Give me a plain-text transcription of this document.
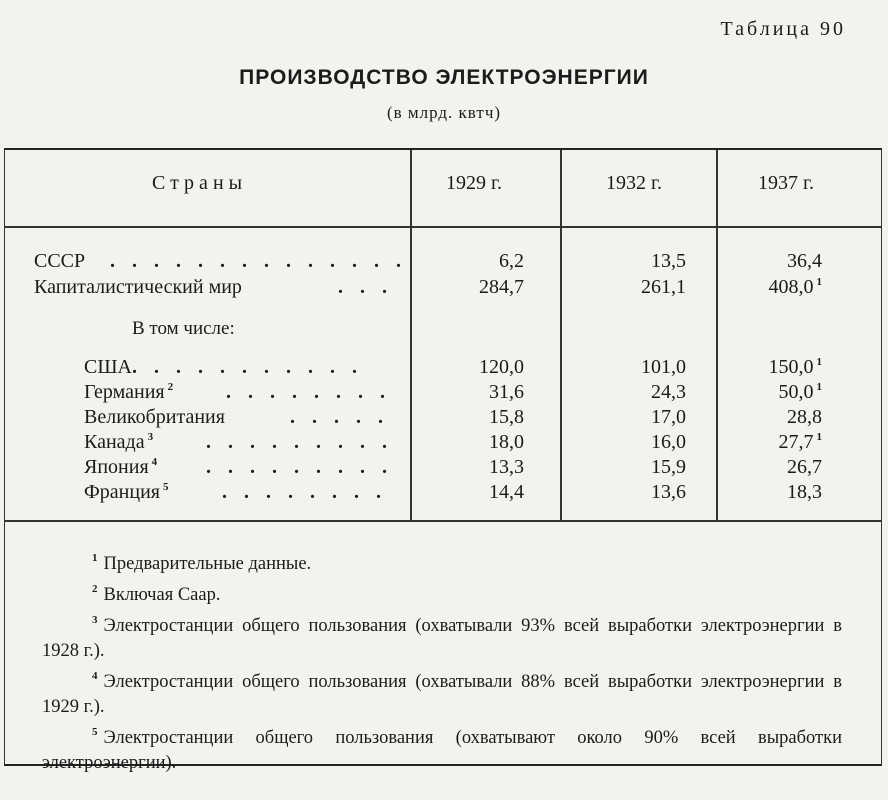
Таблица 90
ПРОИЗВОДСТВО ЭЛЕКТРОЭНЕРГИИ
(в млрд. квтч)
Страны	1929 г.	1932 г.	1937 г.
СССР . . . . . . . . . . . . . .	6,2	13,5	36,4
Капиталистический мир	. . .	284,7	261,1	408,0 $^1$
В том числе:
США . . . . . . . . . . .	120,0	101,0	150,0 $^1$
Германия $^2$	. . . . . . . .	31,6	24,3	50,0 $^1$
Великобритания	. . . . .	15,8	17,0	28,8
Канада $^3$	. . . . . . . . .	18,0	16,0	27,7 $^1$
Япония $^4$ . . . . . . . . .	13,3	15,9	26,7
Франция $^5$	. . . . . . . .	14,4	13,6	18,3
$^1$ Предварительные данные.
$^2$ Включая Саар.
$^3$ Электростанции общего пользования (охватывали 93% всей выработки электроэнергии в 1928 г.).
$^4$ Электростанции общего пользования (охватывали 88% всей выработки электроэнергии в 1929 г.).
$^5$ Электростанции общего пользования (охватывают около 90% всей выработки электроэнергии).
